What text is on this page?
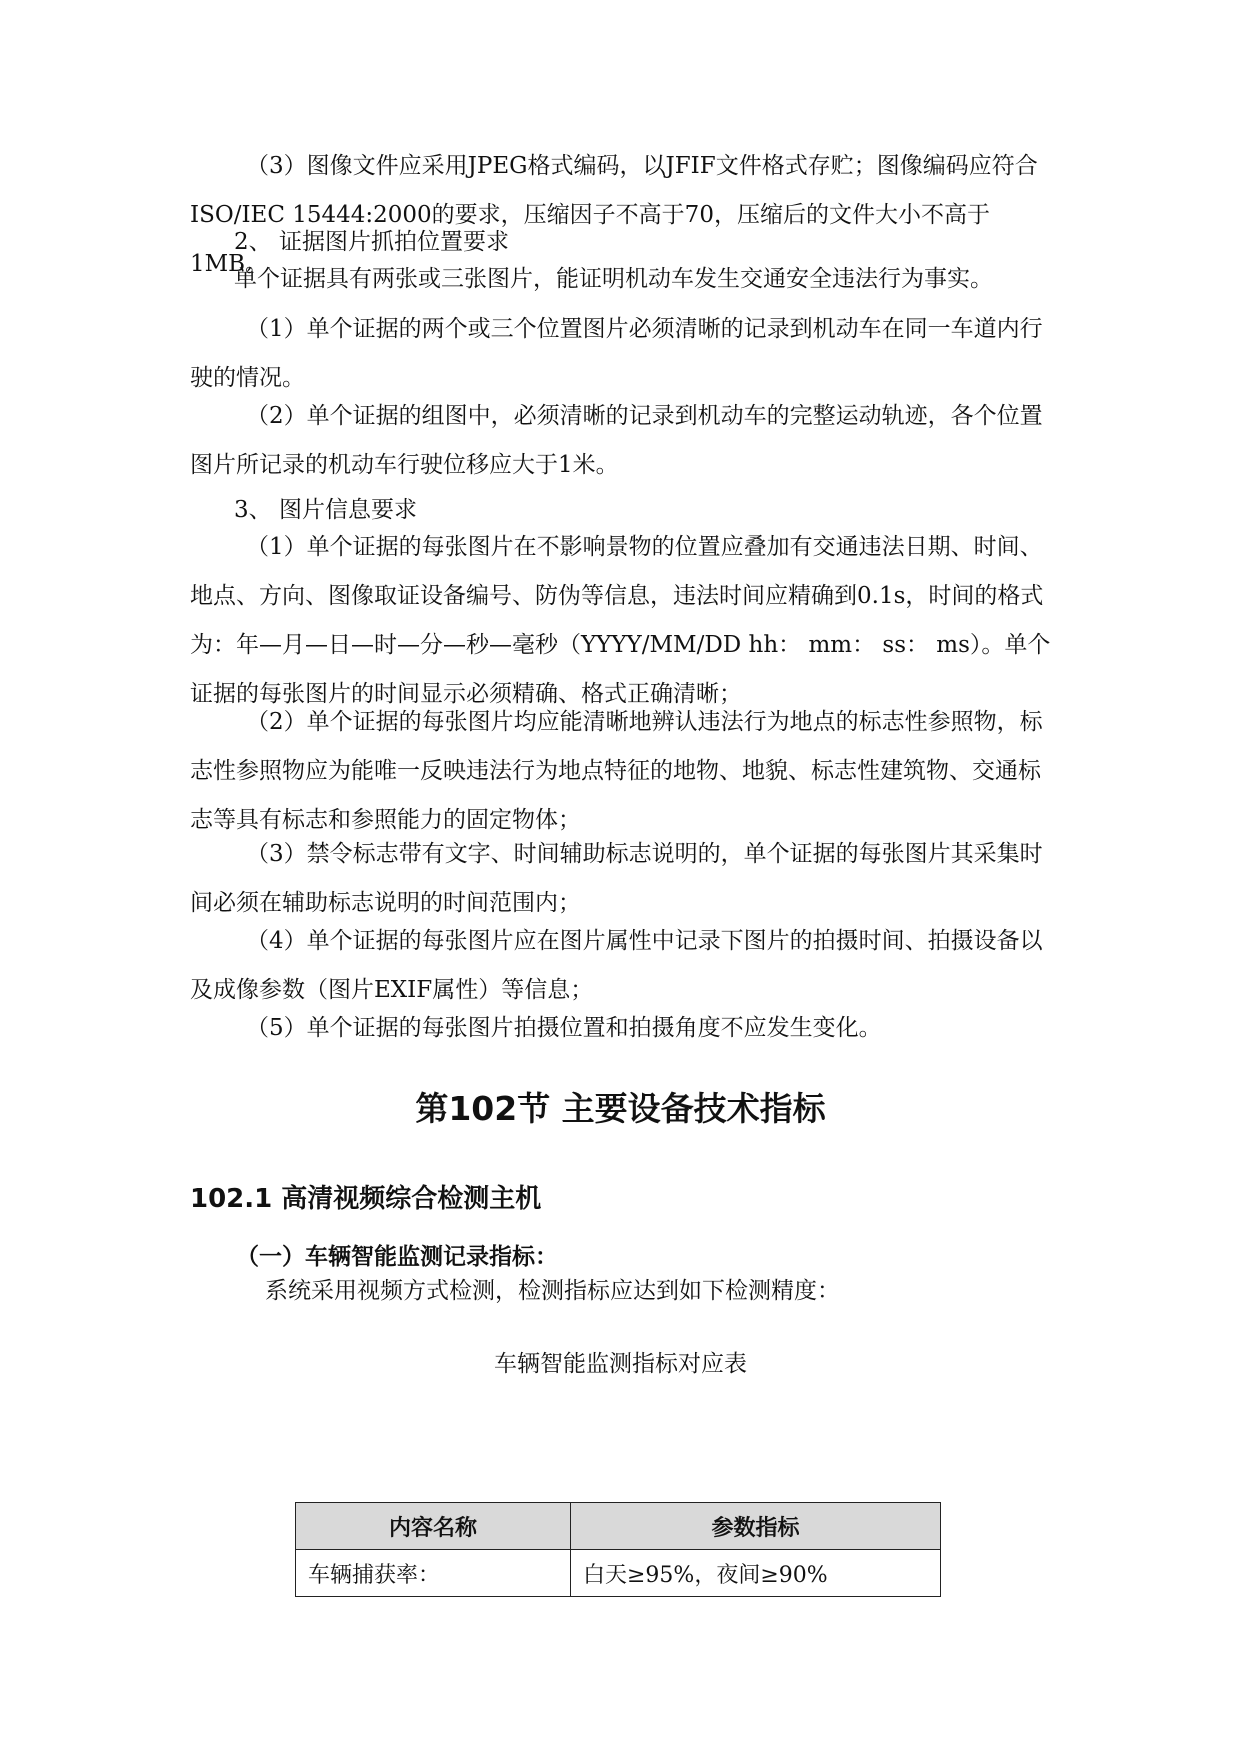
（3）图像文件应采用JPEG格式编码，以JFIF文件格式存贮；图像编码应符合ISO/IEC 15444:2000的要求，压缩因子不高于70，压缩后的文件大小不高于1MB。

2、 证据图片抓拍位置要求

单个证据具有两张或三张图片，能证明机动车发生交通安全违法行为事实。

（1）单个证据的两个或三个位置图片必须清晰的记录到机动车在同一车道内行驶的情况。

（2）单个证据的组图中，必须清晰的记录到机动车的完整运动轨迹，各个位置图片所记录的机动车行驶位移应大于1米。

3、 图片信息要求

（1）单个证据的每张图片在不影响景物的位置应叠加有交通违法日期、时间、地点、方向、图像取证设备编号、防伪等信息，违法时间应精确到0.1s，时间的格式为：年—月—日—时—分—秒—毫秒（YYYY/MM/DD hh： mm： ss： ms）。单个证据的每张图片的时间显示必须精确、格式正确清晰；

（2）单个证据的每张图片均应能清晰地辨认违法行为地点的标志性参照物，标志性参照物应为能唯一反映违法行为地点特征的地物、地貌、标志性建筑物、交通标志等具有标志和参照能力的固定物体；

（3）禁令标志带有文字、时间辅助标志说明的，单个证据的每张图片其采集时间必须在辅助标志说明的时间范围内；

（4）单个证据的每张图片应在图片属性中记录下图片的拍摄时间、拍摄设备以及成像参数（图片EXIF属性）等信息；

（5）单个证据的每张图片拍摄位置和拍摄角度不应发生变化。

第102节 主要设备技术指标
102.1 高清视频综合检测主机
（一）车辆智能监测记录指标：

系统采用视频方式检测，检测指标应达到如下检测精度：

车辆智能监测指标对应表

内容名称	参数指标
车辆捕获率：	白天≥95%，夜间≥90%
